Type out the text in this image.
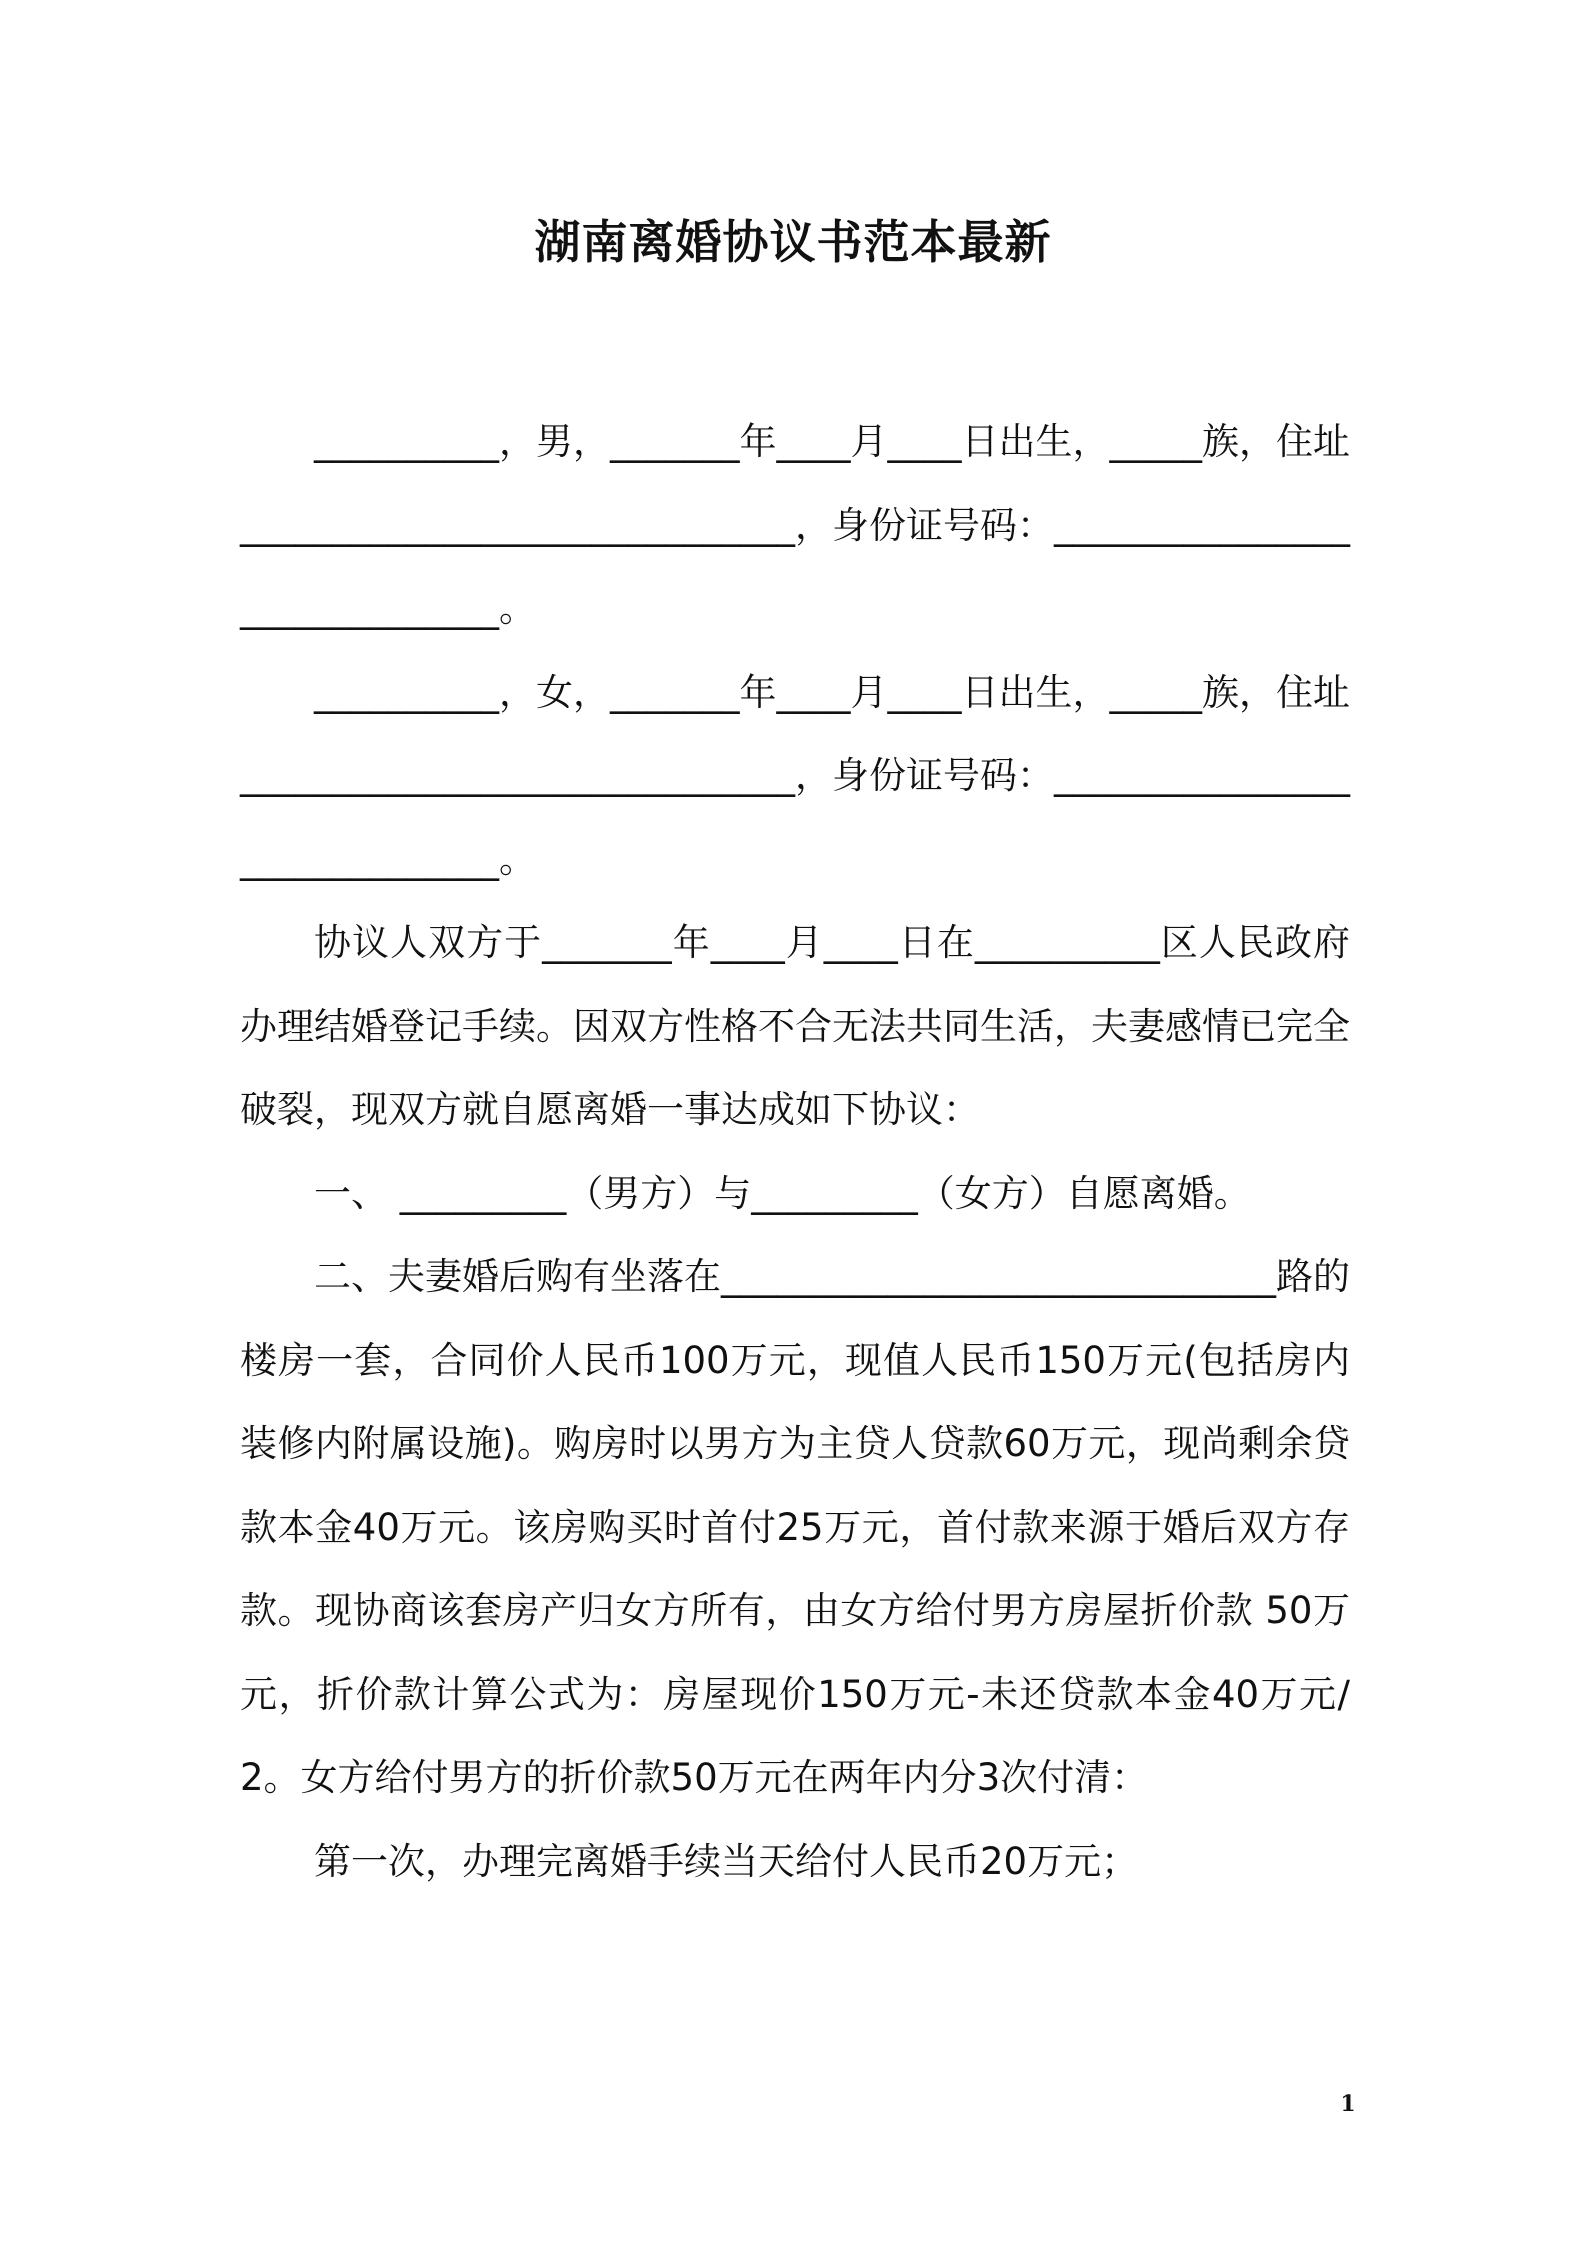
湖南离婚协议书范本最新

__________，男，_______年____月____日出生，_____族，住址______________________________，身份证号码：______________________________。

__________，女，_______年____月____日出生，_____族，住址______________________________，身份证号码：______________________________。

协议人双方于_______年____月____日在__________区人民政府办理结婚登记手续。因双方性格不合无法共同生活，夫妻感情已完全破裂，现双方就自愿离婚一事达成如下协议：

一、 _________（男方）与_________（女方）自愿离婚。

二、夫妻婚后购有坐落在______________________________路的楼房一套，合同价人民币100万元，现值人民币150万元(包括房内装修内附属设施)。购房时以男方为主贷人贷款60万元，现尚剩余贷款本金40万元。该房购买时首付25万元，首付款来源于婚后双方存款。现协商该套房产归女方所有，由女方给付男方房屋折价款 50万元，折价款计算公式为：房屋现价150万元-未还贷款本金40万元/2。女方给付男方的折价款50万元在两年内分3次付清：

第一次，办理完离婚手续当天给付人民币20万元；

1
